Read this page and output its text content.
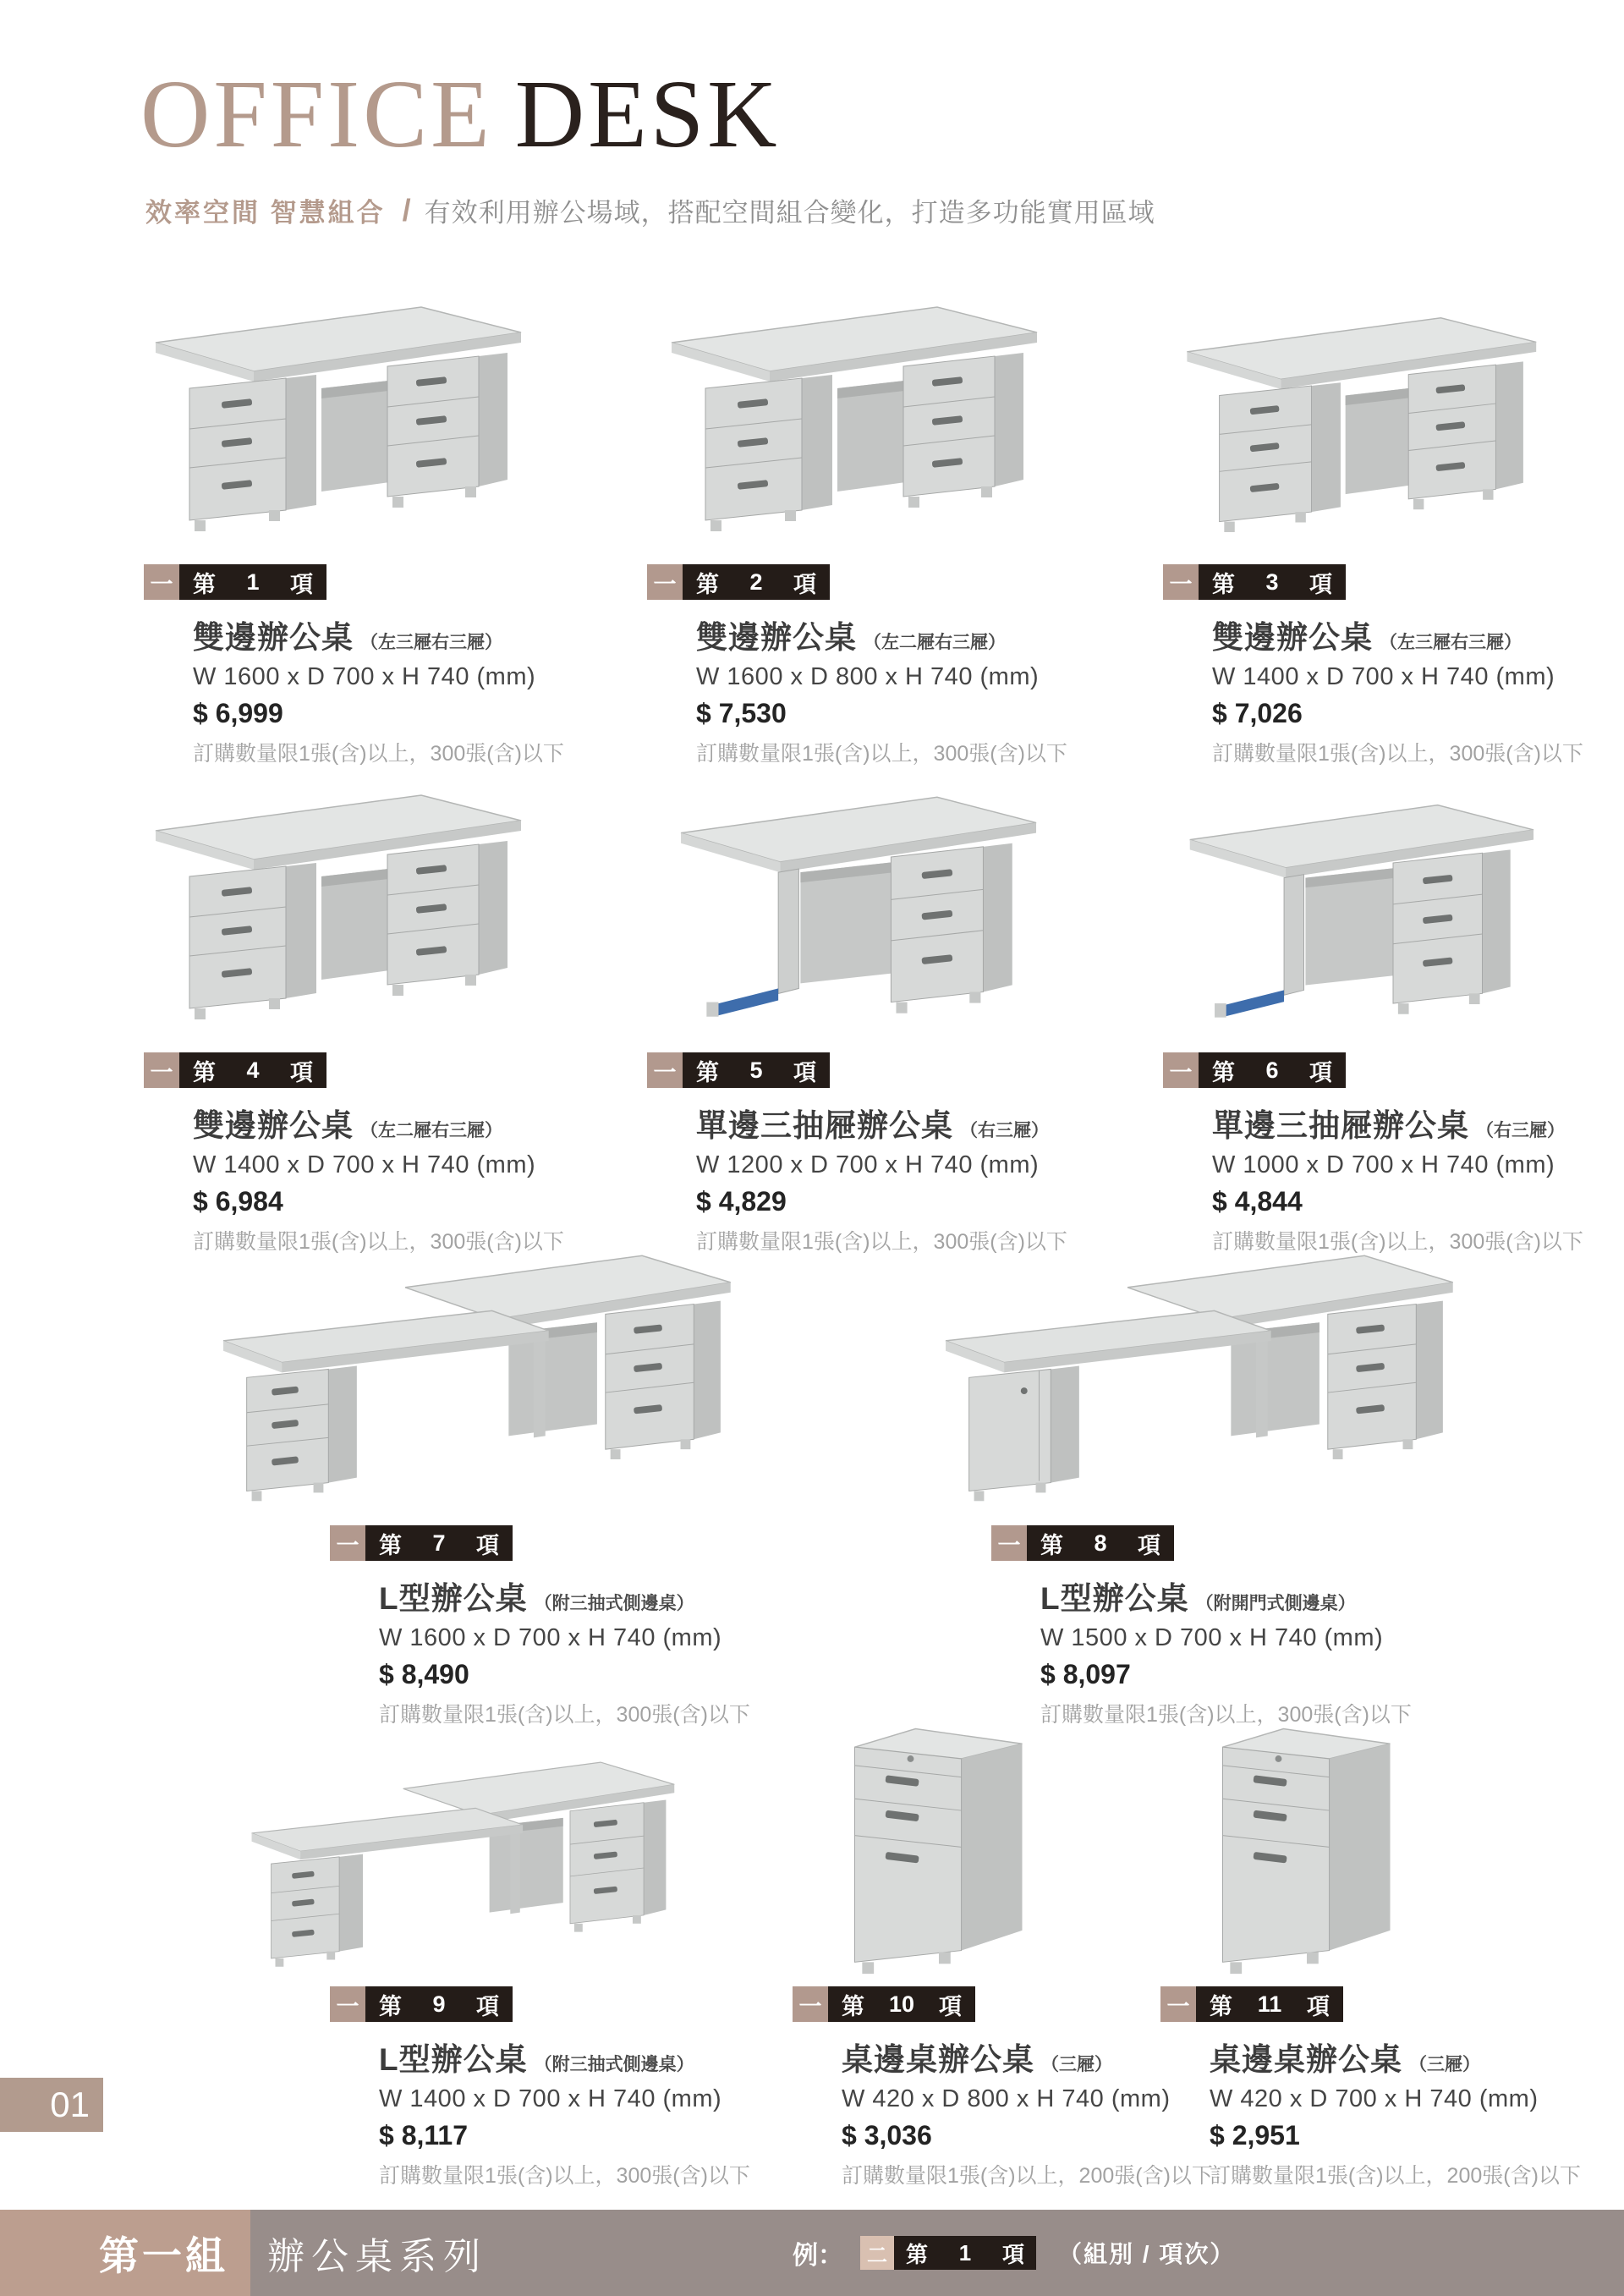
OFFICE DESK
效率空間 智慧組合 / 有效利用辦公場域，搭配空間組合變化，打造多功能實用區域
一 第 1 項
雙邊辦公桌 （左三屜右三屜）
W 1600 x D 700 x H 740 (mm)
$ 6,999
訂購數量限1張(含)以上，300張(含)以下
一 第 2 項
雙邊辦公桌 （左二屜右三屜）
W 1600 x D 800 x H 740 (mm)
$ 7,530
訂購數量限1張(含)以上，300張(含)以下
一 第 3 項
雙邊辦公桌 （左三屜右三屜）
W 1400 x D 700 x H 740 (mm)
$ 7,026
訂購數量限1張(含)以上，300張(含)以下
一 第 4 項
雙邊辦公桌 （左二屜右三屜）
W 1400 x D 700 x H 740 (mm)
$ 6,984
訂購數量限1張(含)以上，300張(含)以下
一 第 5 項
單邊三抽屜辦公桌 （右三屜）
W 1200 x D 700 x H 740 (mm)
$ 4,829
訂購數量限1張(含)以上，300張(含)以下
一 第 6 項
單邊三抽屜辦公桌 （右三屜）
W 1000 x D 700 x H 740 (mm)
$ 4,844
訂購數量限1張(含)以上，300張(含)以下
一 第 7 項
L型辦公桌 （附三抽式側邊桌）
W 1600 x D 700 x H 740 (mm)
$ 8,490
訂購數量限1張(含)以上，300張(含)以下
一 第 8 項
L型辦公桌 （附開門式側邊桌）
W 1500 x D 700 x H 740 (mm)
$ 8,097
訂購數量限1張(含)以上，300張(含)以下
一 第 9 項
L型辦公桌 （附三抽式側邊桌）
W 1400 x D 700 x H 740 (mm)
$ 8,117
訂購數量限1張(含)以上，300張(含)以下
一 第 10 項
桌邊桌辦公桌 （三屜）
W 420 x D 800 x H 740 (mm)
$ 3,036
訂購數量限1張(含)以上，200張(含)以下
一 第 11 項
桌邊桌辦公桌 （三屜）
W 420 x D 700 x H 740 (mm)
$ 2,951
訂購數量限1張(含)以上，200張(含)以下
01
第一組	辦公桌系列	例： 二 第 1 項 （組別 / 項次）
